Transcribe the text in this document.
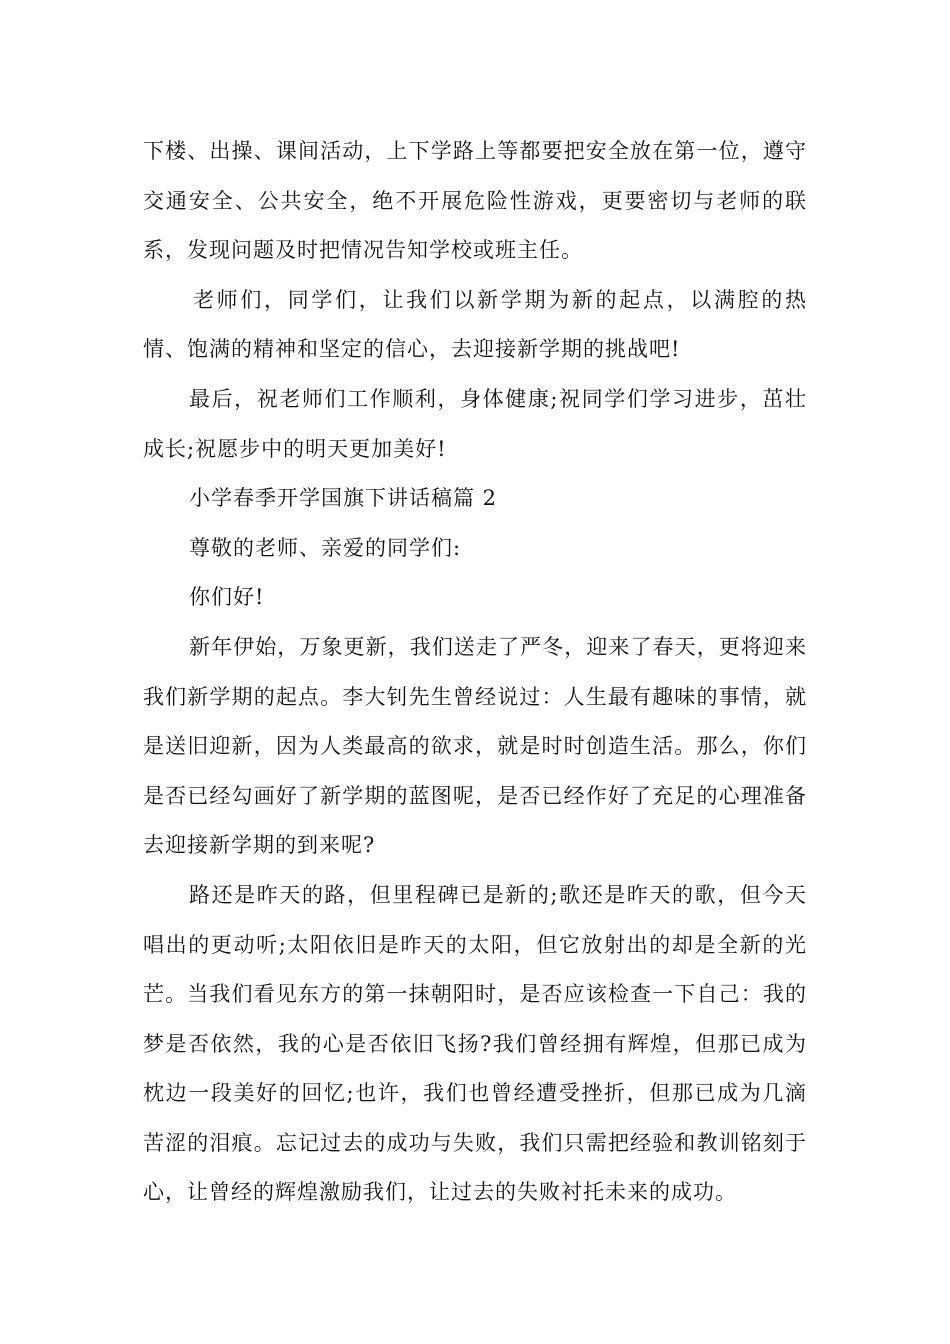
下楼、出操、课间活动，上下学路上等都要把安全放在第一位，遵守交通安全、公共安全，绝不开展危险性游戏，更要密切与老师的联系，发现问题及时把情况告知学校或班主任。

老师们，同学们，让我们以新学期为新的起点，以满腔的热情、饱满的精神和坚定的信心，去迎接新学期的挑战吧!

最后，祝老师们工作顺利，身体健康;祝同学们学习进步，茁壮成长;祝愿步中的明天更加美好!

小学春季开学国旗下讲话稿篇 2

尊敬的老师、亲爱的同学们:

你们好!

新年伊始，万象更新，我们送走了严冬，迎来了春天，更将迎来我们新学期的起点。李大钊先生曾经说过：人生最有趣味的事情，就是送旧迎新，因为人类最高的欲求，就是时时创造生活。那么，你们是否已经勾画好了新学期的蓝图呢，是否已经作好了充足的心理准备去迎接新学期的到来呢?

路还是昨天的路，但里程碑已是新的;歌还是昨天的歌，但今天唱出的更动听;太阳依旧是昨天的太阳，但它放射出的却是全新的光芒。当我们看见东方的第一抹朝阳时，是否应该检查一下自己：我的梦是否依然，我的心是否依旧飞扬?我们曾经拥有辉煌，但那已成为枕边一段美好的回忆;也许，我们也曾经遭受挫折，但那已成为几滴苦涩的泪痕。忘记过去的成功与失败，我们只需把经验和教训铭刻于心，让曾经的辉煌激励我们，让过去的失败衬托未来的成功。
